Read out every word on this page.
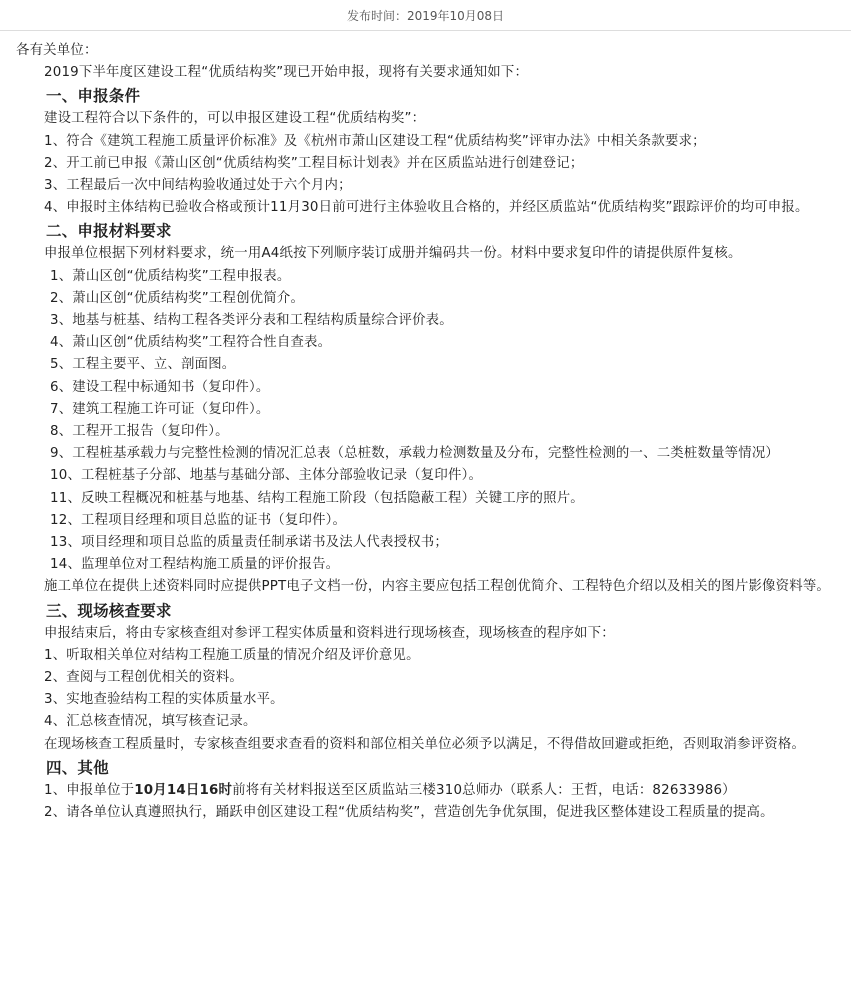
发布时间：2019年10月08日

各有关单位：

2019下半年度区建设工程“优质结构奖”现已开始申报，现将有关要求通知如下：

一、申报条件

建设工程符合以下条件的，可以申报区建设工程“优质结构奖”：

1、符合《建筑工程施工质量评价标准》及《杭州市萧山区建设工程“优质结构奖”评审办法》中相关条款要求；

2、开工前已申报《萧山区创“优质结构奖”工程目标计划表》并在区质监站进行创建登记；

3、工程最后一次中间结构验收通过处于六个月内；

4、申报时主体结构已验收合格或预计11月30日前可进行主体验收且合格的，并经区质监站“优质结构奖”跟踪评价的均可申报。

二、申报材料要求

申报单位根据下列材料要求，统一用A4纸按下列顺序装订成册并编码共一份。材料中要求复印件的请提供原件复核。

1、萧山区创“优质结构奖”工程申报表。

2、萧山区创“优质结构奖”工程创优简介。

3、地基与桩基、结构工程各类评分表和工程结构质量综合评价表。

4、萧山区创“优质结构奖”工程符合性自查表。

5、工程主要平、立、剖面图。

6、建设工程中标通知书（复印件）。

7、建筑工程施工许可证（复印件）。

8、工程开工报告（复印件）。

9、工程桩基承载力与完整性检测的情况汇总表（总桩数，承载力检测数量及分布，完整性检测的一、二类桩数量等情况）

10、工程桩基子分部、地基与基础分部、主体分部验收记录（复印件）。

11、反映工程概况和桩基与地基、结构工程施工阶段（包括隐蔽工程）关键工序的照片。

12、工程项目经理和项目总监的证书（复印件）。

13、项目经理和项目总监的质量责任制承诺书及法人代表授权书；

14、监理单位对工程结构施工质量的评价报告。

施工单位在提供上述资料同时应提供PPT电子文档一份，内容主要应包括工程创优简介、工程特色介绍以及相关的图片影像资料等。

三、现场核查要求

申报结束后，将由专家核查组对参评工程实体质量和资料进行现场核查，现场核查的程序如下：

1、听取相关单位对结构工程施工质量的情况介绍及评价意见。

2、查阅与工程创优相关的资料。

3、实地查验结构工程的实体质量水平。

4、汇总核查情况，填写核查记录。

在现场核查工程质量时，专家核查组要求查看的资料和部位相关单位必须予以满足，不得借故回避或拒绝，否则取消参评资格。

四、其他

1、申报单位于10月14日16时前将有关材料报送至区质监站三楼310总师办（联系人：王哲，电话：82633986）

2、请各单位认真遵照执行，踊跃申创区建设工程“优质结构奖”，营造创先争优氛围，促进我区整体建设工程质量的提高。
